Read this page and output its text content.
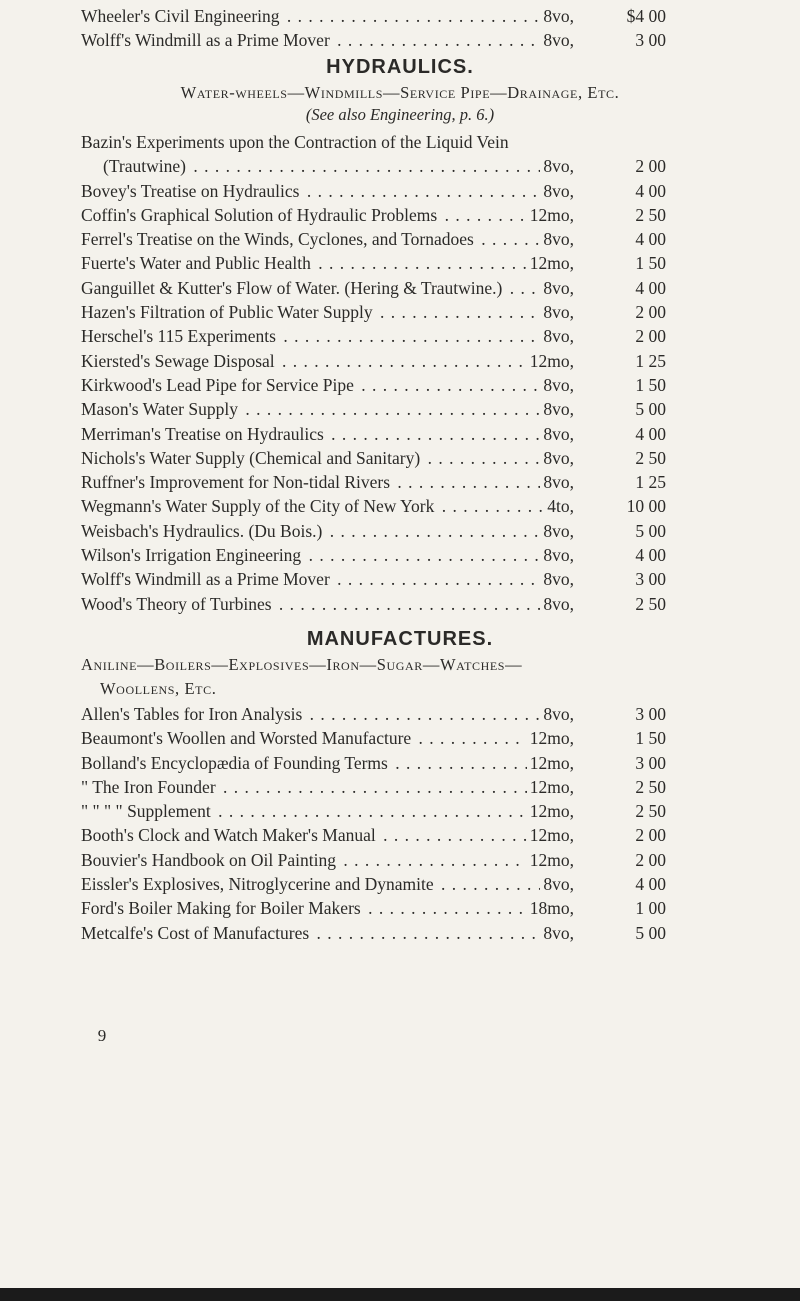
Wheeler's Civil Engineering . . .	8vo,	$4 00
Wolff's Windmill as a Prime Mover . . .	8vo,	3 00
HYDRAULICS.
Water-wheels—Windmills—Service Pipe—Drainage, Etc.
(See also Engineering, p. 6.)
Bazin's Experiments upon the Contraction of the Liquid Vein
(Trautwine) . . .	8vo,	2 00
Bovey's Treatise on Hydraulics . . .	8vo,	4 00
Coffin's Graphical Solution of Hydraulic Problems . . .	12mo,	2 50
Ferrel's Treatise on the Winds, Cyclones, and Tornadoes . . .	8vo,	4 00
Fuerte's Water and Public Health . . .	12mo,	1 50
Ganguillet & Kutter's Flow of Water. (Hering & Trautwine.) . . .	8vo,	4 00
Hazen's Filtration of Public Water Supply . . .	8vo,	2 00
Herschel's 115 Experiments . . .	8vo,	2 00
Kiersted's Sewage Disposal . . .	12mo,	1 25
Kirkwood's Lead Pipe for Service Pipe . . .	8vo,	1 50
Mason's Water Supply . . .	8vo,	5 00
Merriman's Treatise on Hydraulics . . .	8vo,	4 00
Nichols's Water Supply (Chemical and Sanitary) . . .	8vo,	2 50
Ruffner's Improvement for Non-tidal Rivers . . .	8vo,	1 25
Wegmann's Water Supply of the City of New York . . .	4to,	10 00
Weisbach's Hydraulics. (Du Bois.) . . .	8vo,	5 00
Wilson's Irrigation Engineering . . .	8vo,	4 00
Wolff's Windmill as a Prime Mover . . .	8vo,	3 00
Wood's Theory of Turbines . . .	8vo,	2 50
MANUFACTURES.
Aniline—Boilers—Explosives—Iron—Sugar—Watches—
Woollens, Etc.
Allen's Tables for Iron Analysis . . .	8vo,	3 00
Beaumont's Woollen and Worsted Manufacture . . .	12mo,	1 50
Bolland's Encyclopædia of Founding Terms . . .	12mo,	3 00
" The Iron Founder . . .	12mo,	2 50
" " " " Supplement . . .	12mo,	2 50
Booth's Clock and Watch Maker's Manual . . .	12mo,	2 00
Bouvier's Handbook on Oil Painting . . .	12mo,	2 00
Eissler's Explosives, Nitroglycerine and Dynamite . . .	8vo,	4 00
Ford's Boiler Making for Boiler Makers . . .	18mo,	1 00
Metcalfe's Cost of Manufactures . . .	8vo,	5 00
9
